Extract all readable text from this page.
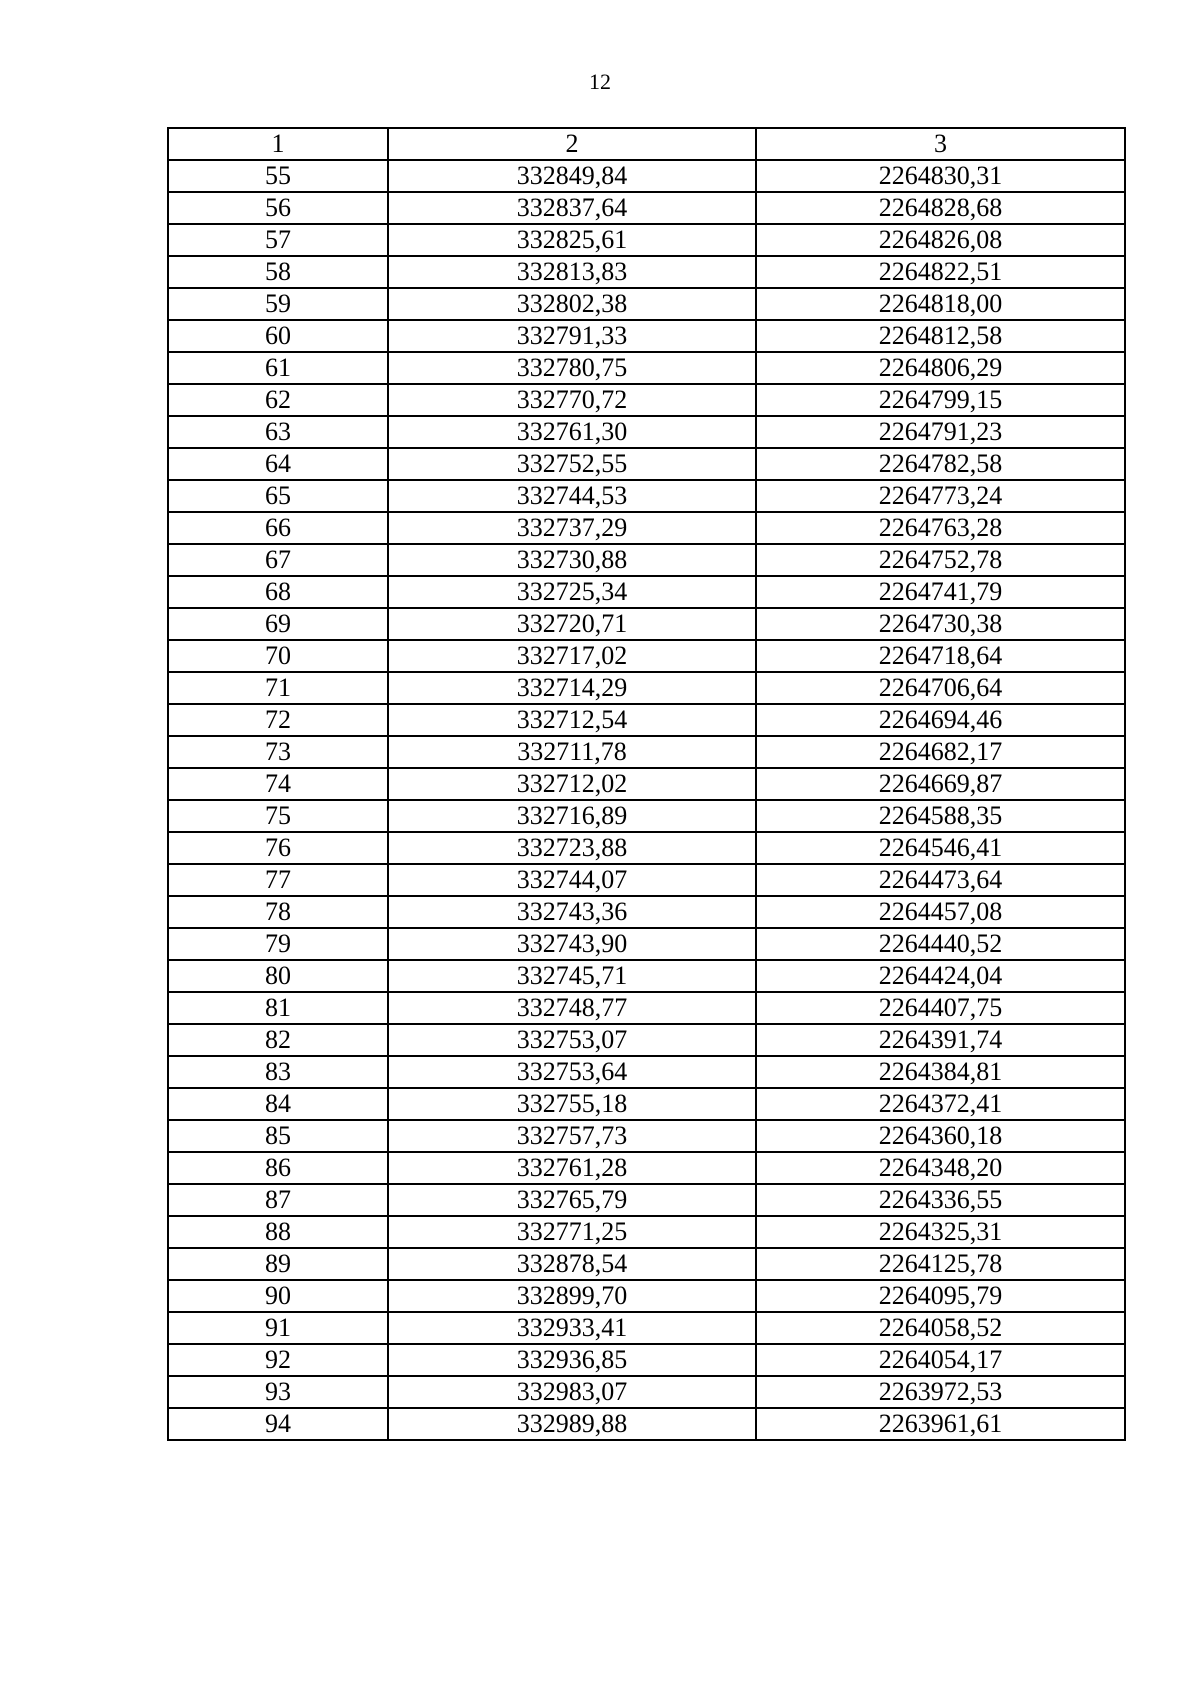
12
1	2	3
55	332849,84	2264830,31
56	332837,64	2264828,68
57	332825,61	2264826,08
58	332813,83	2264822,51
59	332802,38	2264818,00
60	332791,33	2264812,58
61	332780,75	2264806,29
62	332770,72	2264799,15
63	332761,30	2264791,23
64	332752,55	2264782,58
65	332744,53	2264773,24
66	332737,29	2264763,28
67	332730,88	2264752,78
68	332725,34	2264741,79
69	332720,71	2264730,38
70	332717,02	2264718,64
71	332714,29	2264706,64
72	332712,54	2264694,46
73	332711,78	2264682,17
74	332712,02	2264669,87
75	332716,89	2264588,35
76	332723,88	2264546,41
77	332744,07	2264473,64
78	332743,36	2264457,08
79	332743,90	2264440,52
80	332745,71	2264424,04
81	332748,77	2264407,75
82	332753,07	2264391,74
83	332753,64	2264384,81
84	332755,18	2264372,41
85	332757,73	2264360,18
86	332761,28	2264348,20
87	332765,79	2264336,55
88	332771,25	2264325,31
89	332878,54	2264125,78
90	332899,70	2264095,79
91	332933,41	2264058,52
92	332936,85	2264054,17
93	332983,07	2263972,53
94	332989,88	2263961,61
